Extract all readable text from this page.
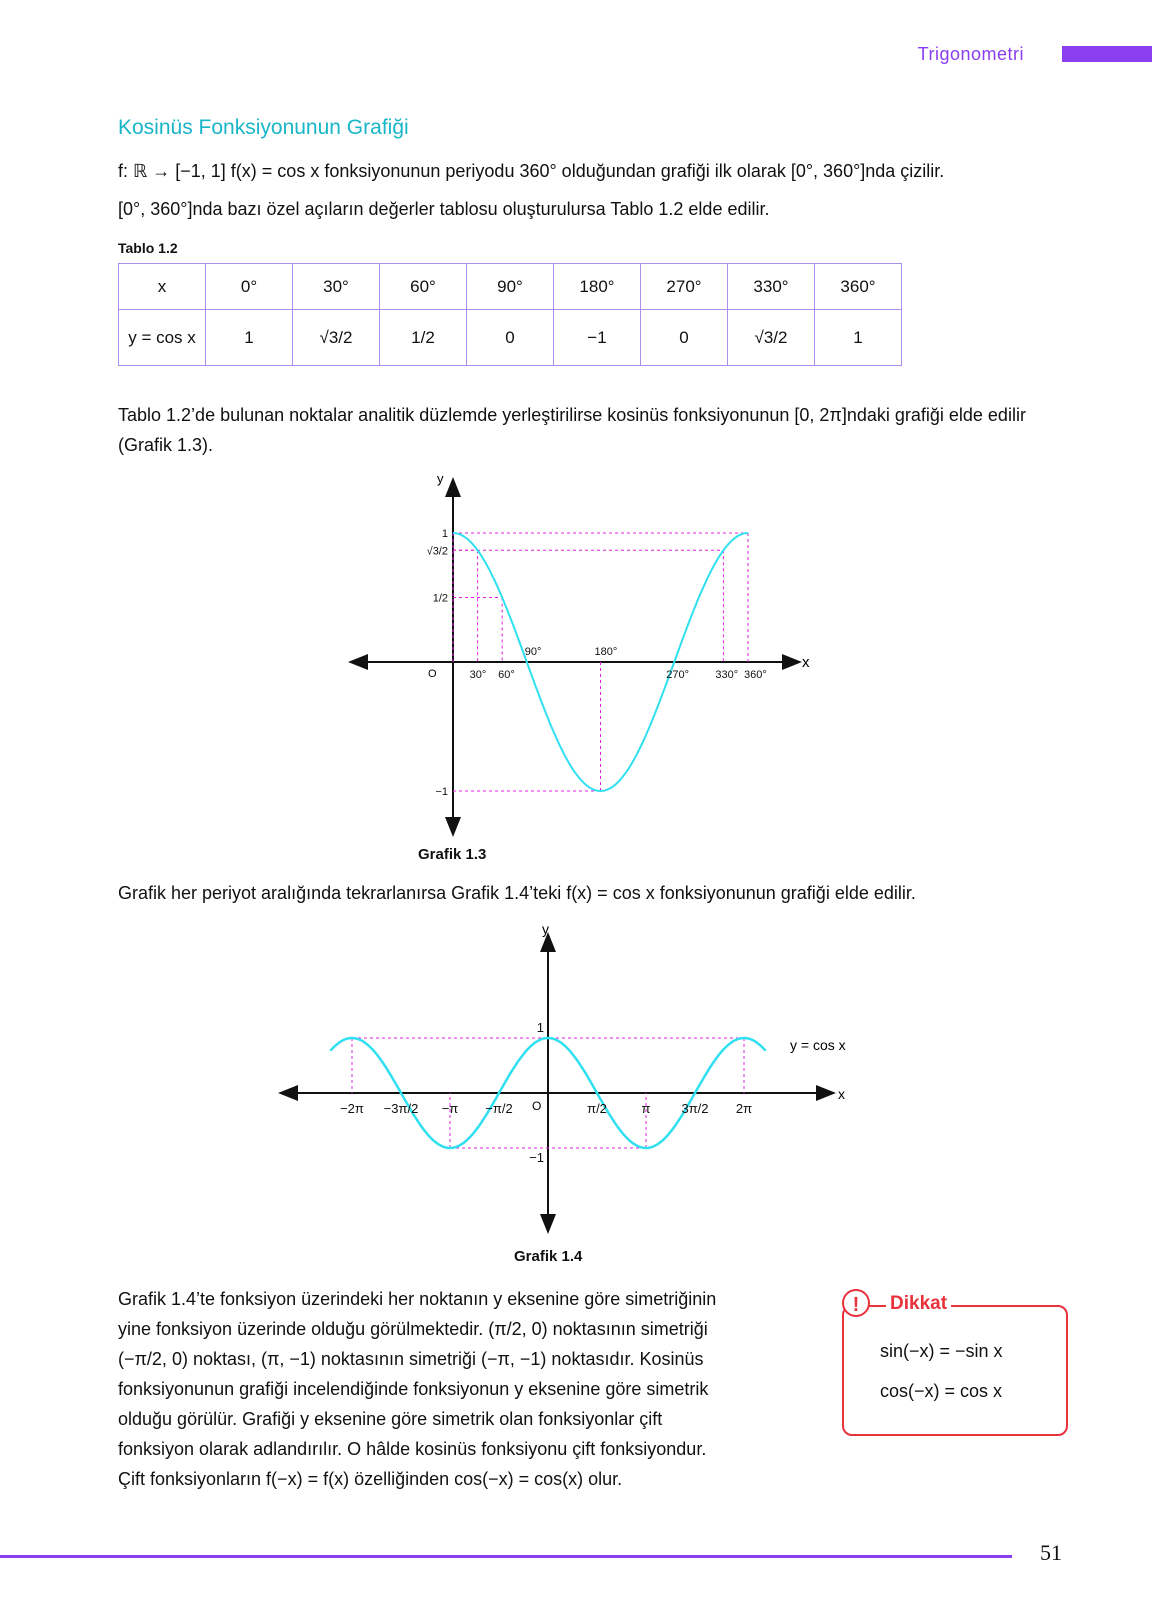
Trigonometri
Kosinüs Fonksiyonunun Grafiği
f: ℝ → [−1, 1] f(x) = cos x fonksiyonunun periyodu 360° olduğundan grafiği ilk olarak [0°, 360°]nda çizilir.
[0°, 360°]nda bazı özel açıların değerler tablosu oluşturulursa Tablo 1.2 elde edilir.
Tablo 1.2
x	0°	30°	60°	90°	180°	270°	330°	360°
y = cos x	1	√3/2	1/2	0	−1	0	√3/2	1
Tablo 1.2’de bulunan noktalar analitik düzlemde yerleştirilirse kosinüs fonksiyonunun [0, 2π]ndaki grafiği elde edilir (Grafik 1.3).
y
x
O
1
√3/2
1/2
−1
30° 60°	270° 330° 360°
90°	180°
Grafik 1.3
Grafik her periyot aralığında tekrarlanırsa Grafik 1.4’teki f(x) = cos x fonksiyonunun grafiği elde edilir.
y
x
O
y = cos x
1
−1
−2π −3π/2 −π −π/2	π/2	π 3π/2 2π
Grafik 1.4
Grafik 1.4’te fonksiyon üzerindeki her noktanın y eksenine göre simetriğinin
yine fonksiyon üzerinde olduğu görülmektedir. (π/2, 0) noktasının simetriği
(−π/2, 0) noktası, (π, −1) noktasının simetriği (−π, −1) noktasıdır. Kosinüs
fonksiyonunun grafiği incelendiğinde fonksiyonun y eksenine göre simetrik
olduğu görülür. Grafiği y eksenine göre simetrik olan fonksiyonlar çift
fonksiyon olarak adlandırılır. O hâlde kosinüs fonksiyonu çift fonksiyondur.
Çift fonksiyonların f(−x) = f(x) özelliğinden cos(−x) = cos(x) olur.
!	Dikkat
sin(−x) = −sin x
cos(−x) = cos x
51
